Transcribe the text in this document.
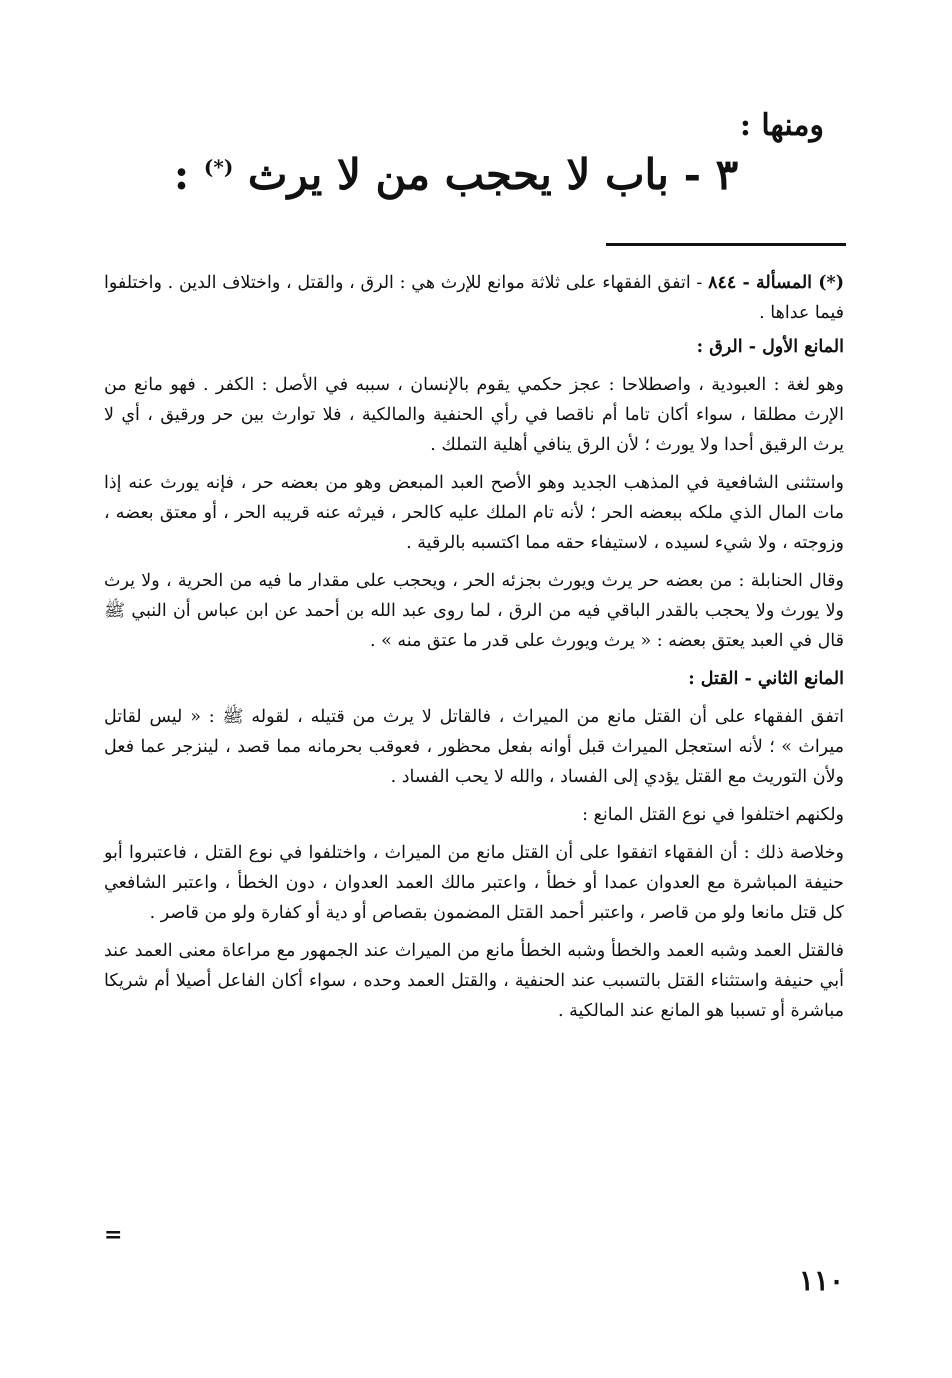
ومنها :
٣ - باب لا يحجب من لا يرث (*) :

(*) المسألة - ٨٤٤ - اتفق الفقهاء على ثلاثة موانع للإرث هي : الرق ، والقتل ، واختلاف الدين . واختلفوا فيما عداها .

المانع الأول - الرق :

وهو لغة : العبودية ، واصطلاحا : عجز حكمي يقوم بالإنسان ، سببه في الأصل : الكفر . فهو مانع من الإرث مطلقا ، سواء أكان تاما أم ناقصا في رأي الحنفية والمالكية ، فلا توارث بين حر ورقيق ، أي لا يرث الرقيق أحدا ولا يورث ؛ لأن الرق ينافي أهلية التملك .

واستثنى الشافعية في المذهب الجديد وهو الأصح العبد المبعض وهو من بعضه حر ، فإنه يورث عنه إذا مات المال الذي ملكه ببعضه الحر ؛ لأنه تام الملك عليه كالحر ، فيرثه عنه قريبه الحر ، أو معتق بعضه ، وزوجته ، ولا شيء لسيده ، لاستيفاء حقه مما اكتسبه بالرقية .

وقال الحنابلة : من بعضه حر يرث ويورث بجزئه الحر ، ويحجب على مقدار ما فيه من الحرية ، ولا يرث ولا يورث ولا يحجب بالقدر الباقي فيه من الرق ، لما روى عبد الله بن أحمد عن ابن عباس أن النبي ﷺ قال في العبد يعتق بعضه : « يرث ويورث على قدر ما عتق منه » .

المانع الثاني - القتل :

اتفق الفقهاء على أن القتل مانع من الميراث ، فالقاتل لا يرث من قتيله ، لقوله ﷺ : « ليس لقاتل ميراث » ؛ لأنه استعجل الميراث قبل أوانه بفعل محظور ، فعوقب بحرمانه مما قصد ، لينزجر عما فعل ولأن التوريث مع القتل يؤدي إلى الفساد ، والله لا يحب الفساد .

ولكنهم اختلفوا في نوع القتل المانع :

وخلاصة ذلك : أن الفقهاء اتفقوا على أن القتل مانع من الميراث ، واختلفوا في نوع القتل ، فاعتبروا أبو حنيفة المباشرة مع العدوان عمدا أو خطأ ، واعتبر مالك العمد العدوان ، دون الخطأ ، واعتبر الشافعي كل قتل مانعا ولو من قاصر ، واعتبر أحمد القتل المضمون بقصاص أو دية أو كفارة ولو من قاصر .

فالقتل العمد وشبه العمد والخطأ وشبه الخطأ مانع من الميراث عند الجمهور مع مراعاة معنى العمد عند أبي حنيفة واستثناء القتل بالتسبب عند الحنفية ، والقتل العمد وحده ، سواء أكان الفاعل أصيلا أم شريكا مباشرة أو تسببا هو المانع عند المالكية .

=
١١٠
